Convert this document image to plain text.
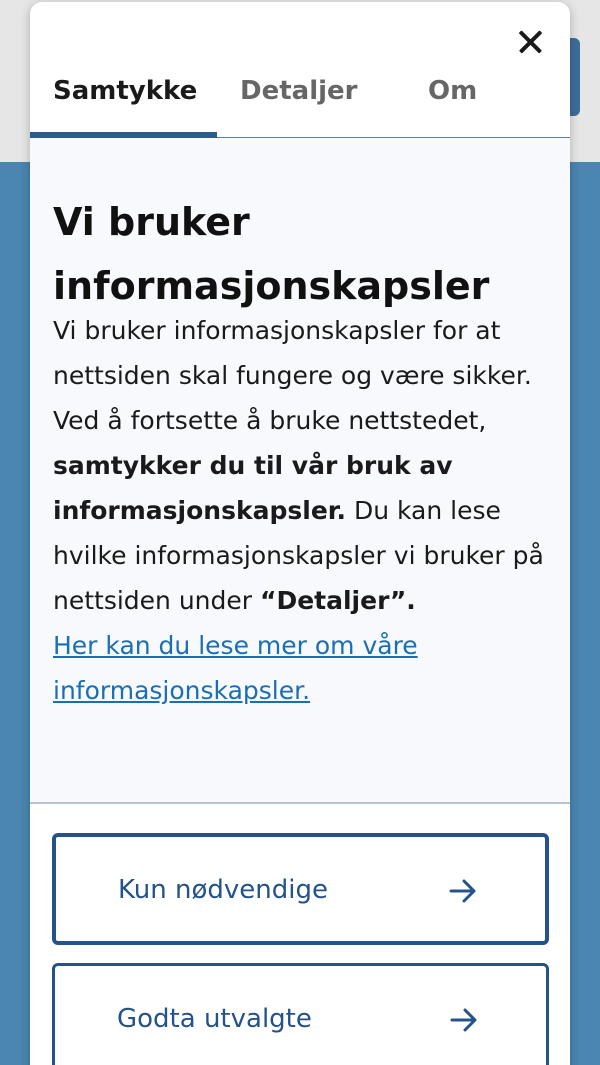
Samtykke Detaljer	Om
Vi bruker informasjonskapsler
Vi bruker informasjonskapsler for at nettsiden skal fungere og være sikker.
Ved å fortsette å bruke nettstedet, samtykker du til vår bruk av informasjonskapsler. Du kan lese hvilke informasjonskapsler vi bruker på nettsiden under “Detaljer”.
Her kan du lese mer om våre informasjonskapsler.
Kun nødvendige
Godta utvalgte
